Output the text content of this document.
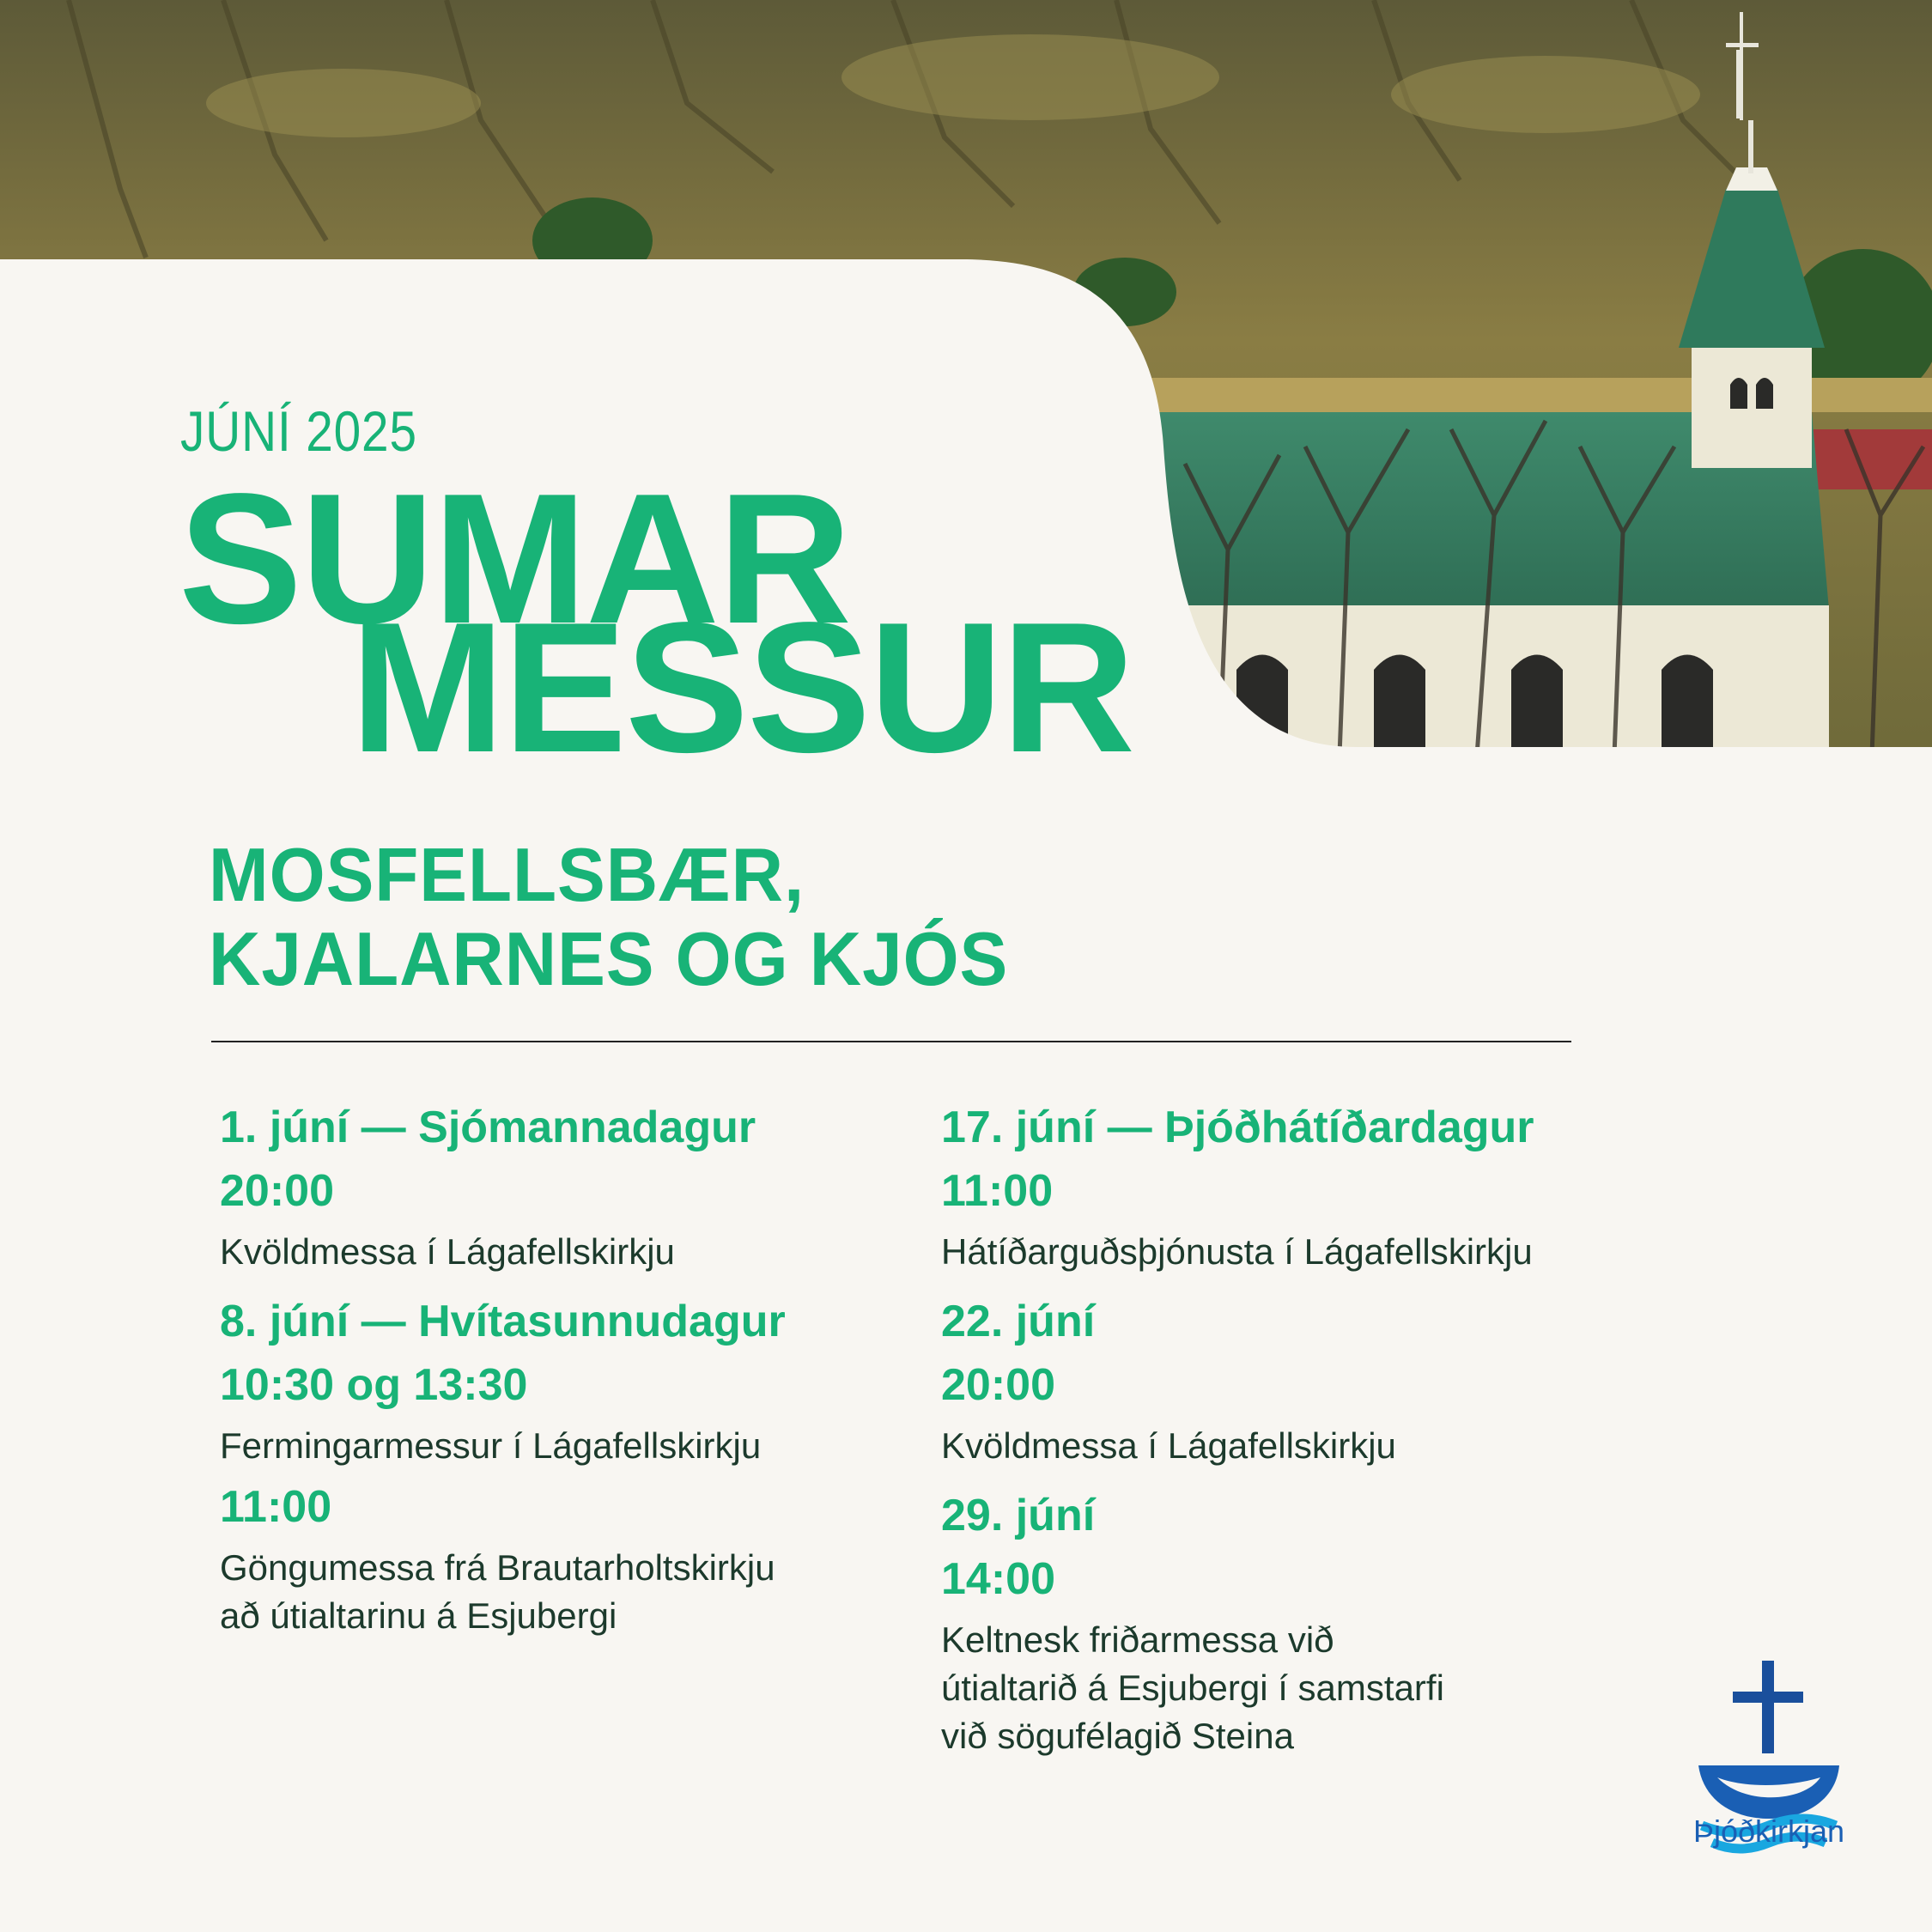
JÚNÍ 2025
SUMAR
MESSUR
MOSFELLSBÆR,
KJALARNES OG KJÓS
1. júní — Sjómannadagur
20:00
Kvöldmessa í Lágafellskirkju
8. júní — Hvítasunnudagur
10:30 og 13:30
Fermingarmessur í Lágafellskirkju
11:00
Göngumessa frá Brautarholtskirkju
að útialtarinu á Esjubergi
17. júní — Þjóðhátíðardagur
11:00
Hátíðarguðsþjónusta í Lágafellskirkju
22. júní
20:00
Kvöldmessa í Lágafellskirkju
29. júní
14:00
Keltnesk friðarmessa við
útialtarið á Esjubergi í samstarfi
við sögufélagið Steina
Þjóðkirkjan
